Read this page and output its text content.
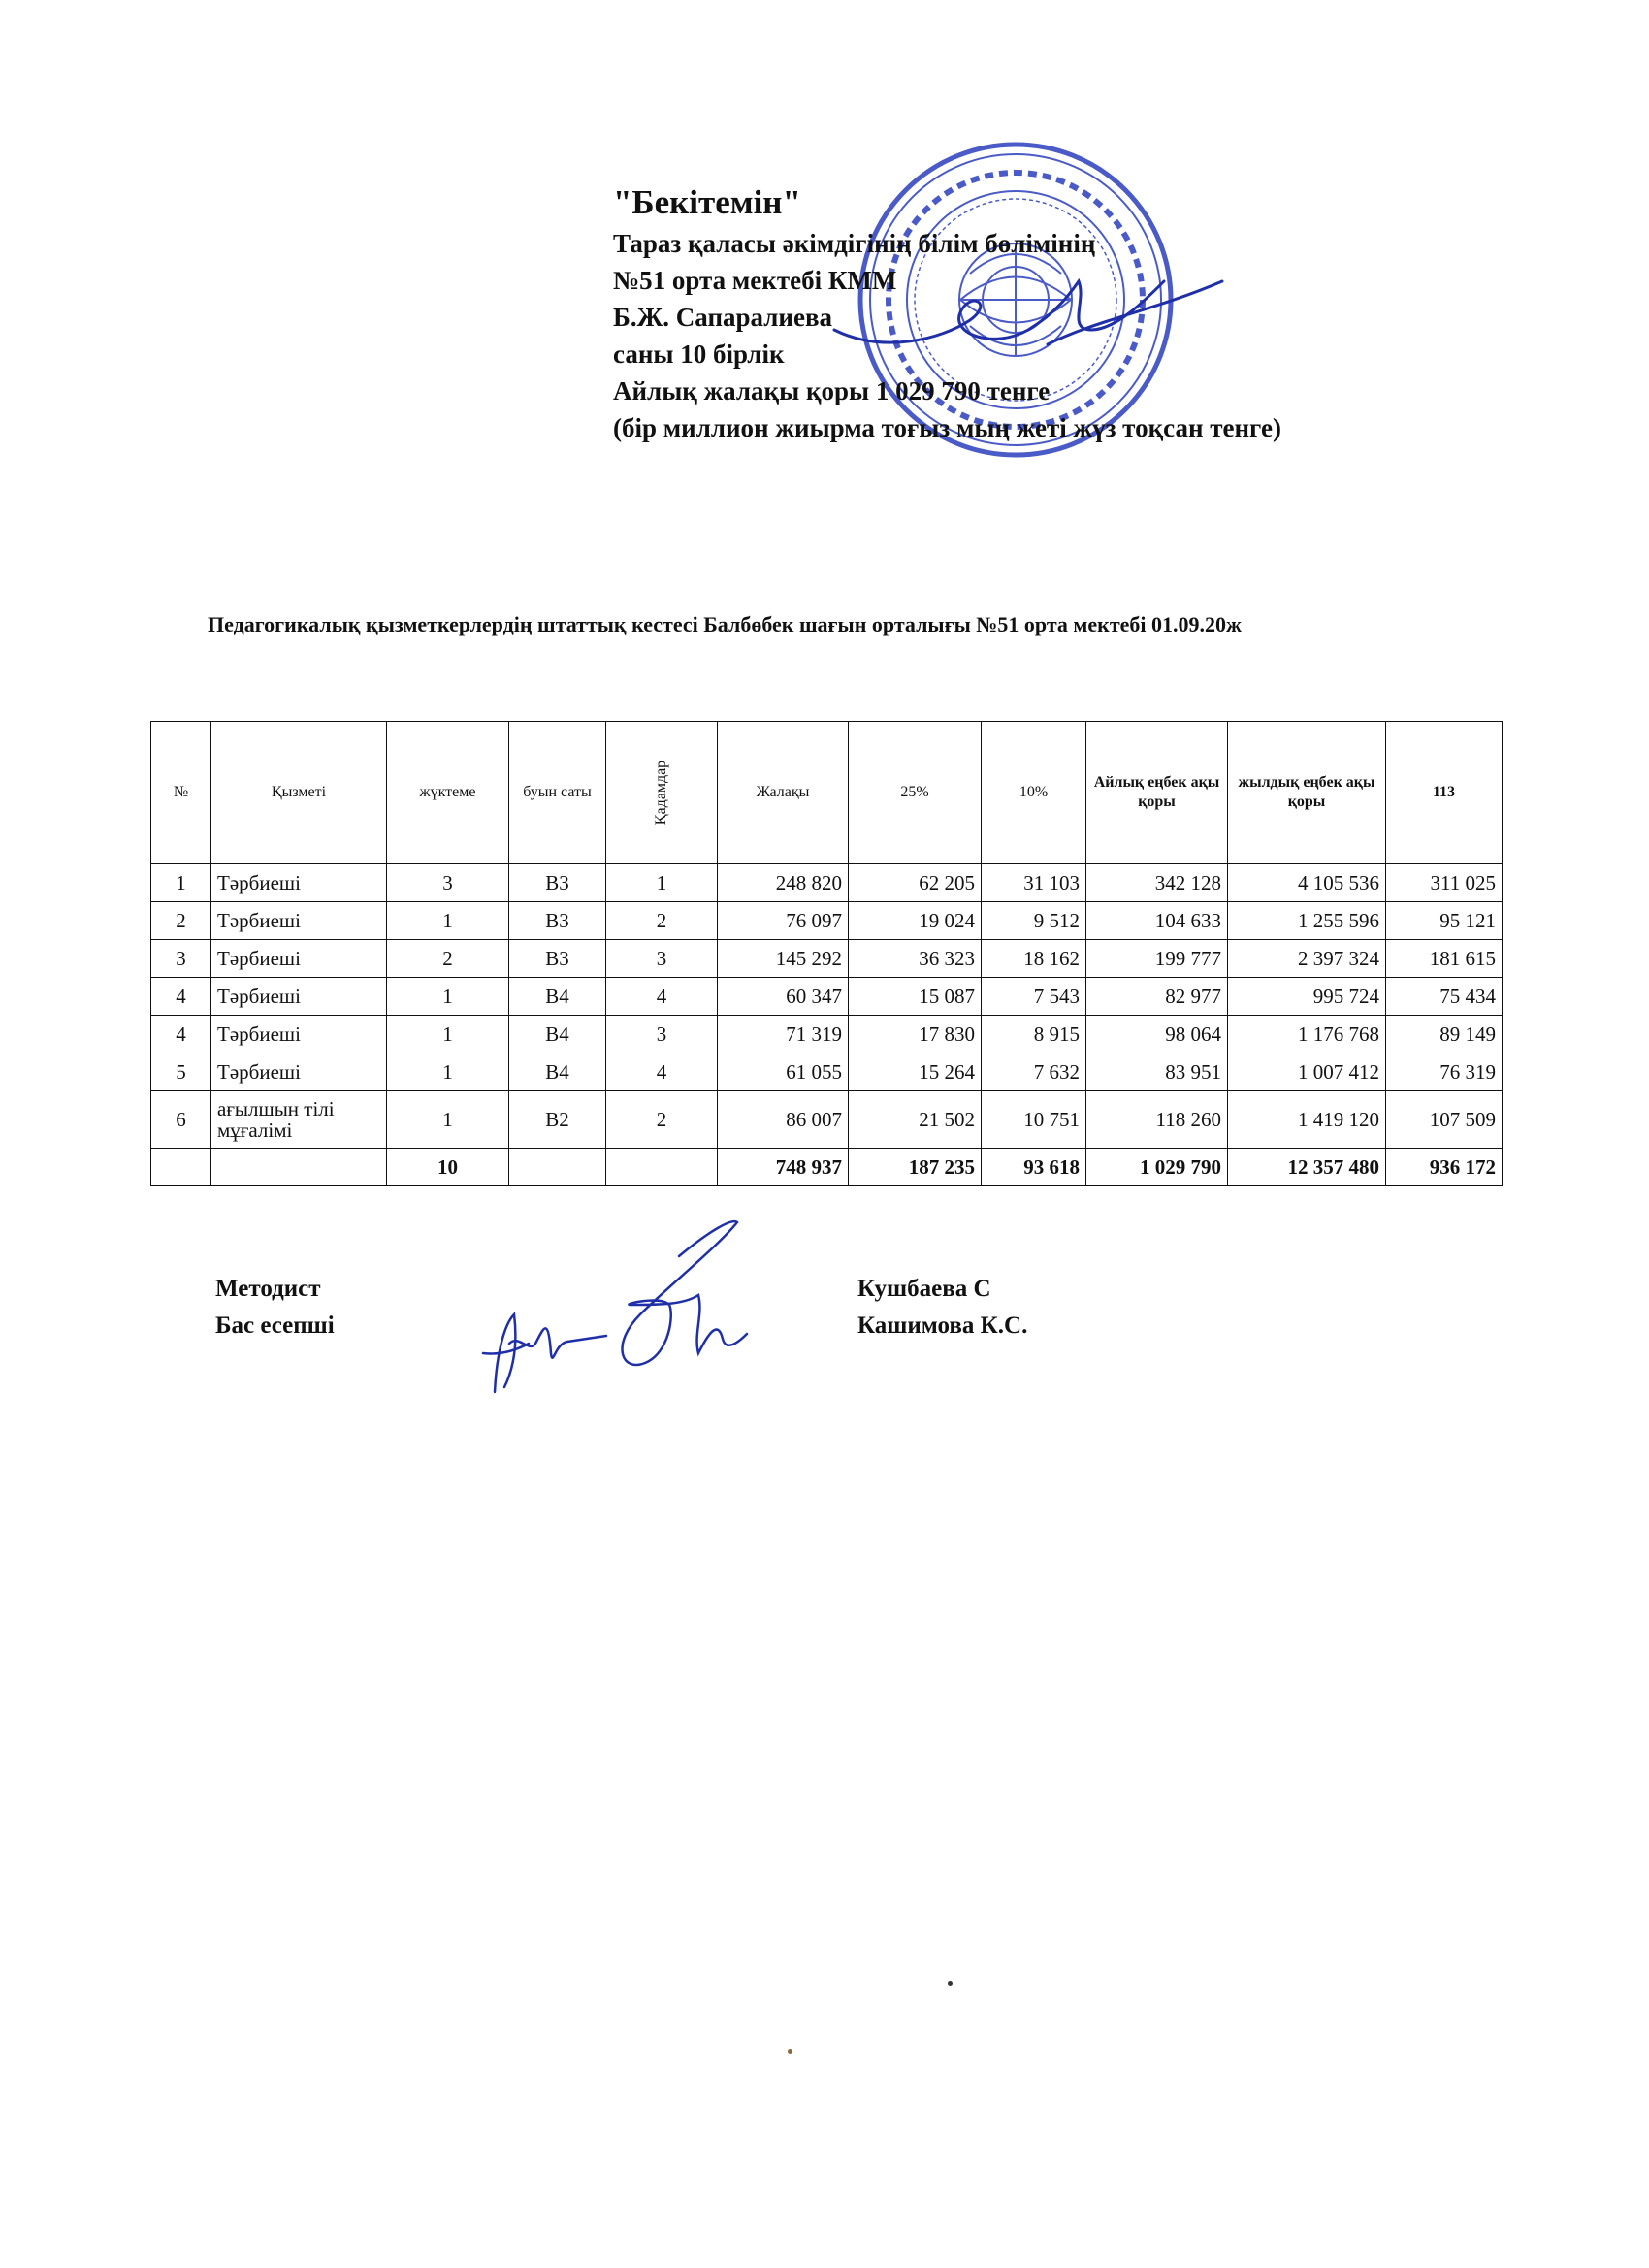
"Бекітемін"
Тараз қаласы әкімдігінің білім бөлімінің
№51 орта мектебі КММ
Б.Ж. Сапаралиева
саны 10 бірлік
Айлық жалақы қоры 1 029 790 тенге
(бір миллион жиырма тоғыз мың жеті жүз тоқсан тенге)
Педагогикалық қызметкерлердің штаттық кестесі Балбөбек шағын орталығы №51 орта мектебі 01.09.20ж
№	Қызметі	жүктеме	буын саты	Қадамдар	Жалақы	25%	10%	Айлық еңбек ақы қоры	жылдық еңбек ақы қоры	113
1	Тәрбиеші	3	В3	1	248 820	62 205	31 103	342 128	4 105 536	311 025
2	Тәрбиеші	1	В3	2	76 097	19 024	9 512	104 633	1 255 596	95 121
3	Тәрбиеші	2	В3	3	145 292	36 323	18 162	199 777	2 397 324	181 615
4	Тәрбиеші	1	В4	4	60 347	15 087	7 543	82 977	995 724	75 434
4	Тәрбиеші	1	В4	3	71 319	17 830	8 915	98 064	1 176 768	89 149
5	Тәрбиеші	1	В4	4	61 055	15 264	7 632	83 951	1 007 412	76 319
6	ағылшын тілі мұғалімі	1	В2	2	86 007	21 502	10 751	118 260	1 419 120	107 509
		10			748 937	187 235	93 618	1 029 790	12 357 480	936 172
Методист	Кушбаева С
Бас есепші	Кашимова К.С.
